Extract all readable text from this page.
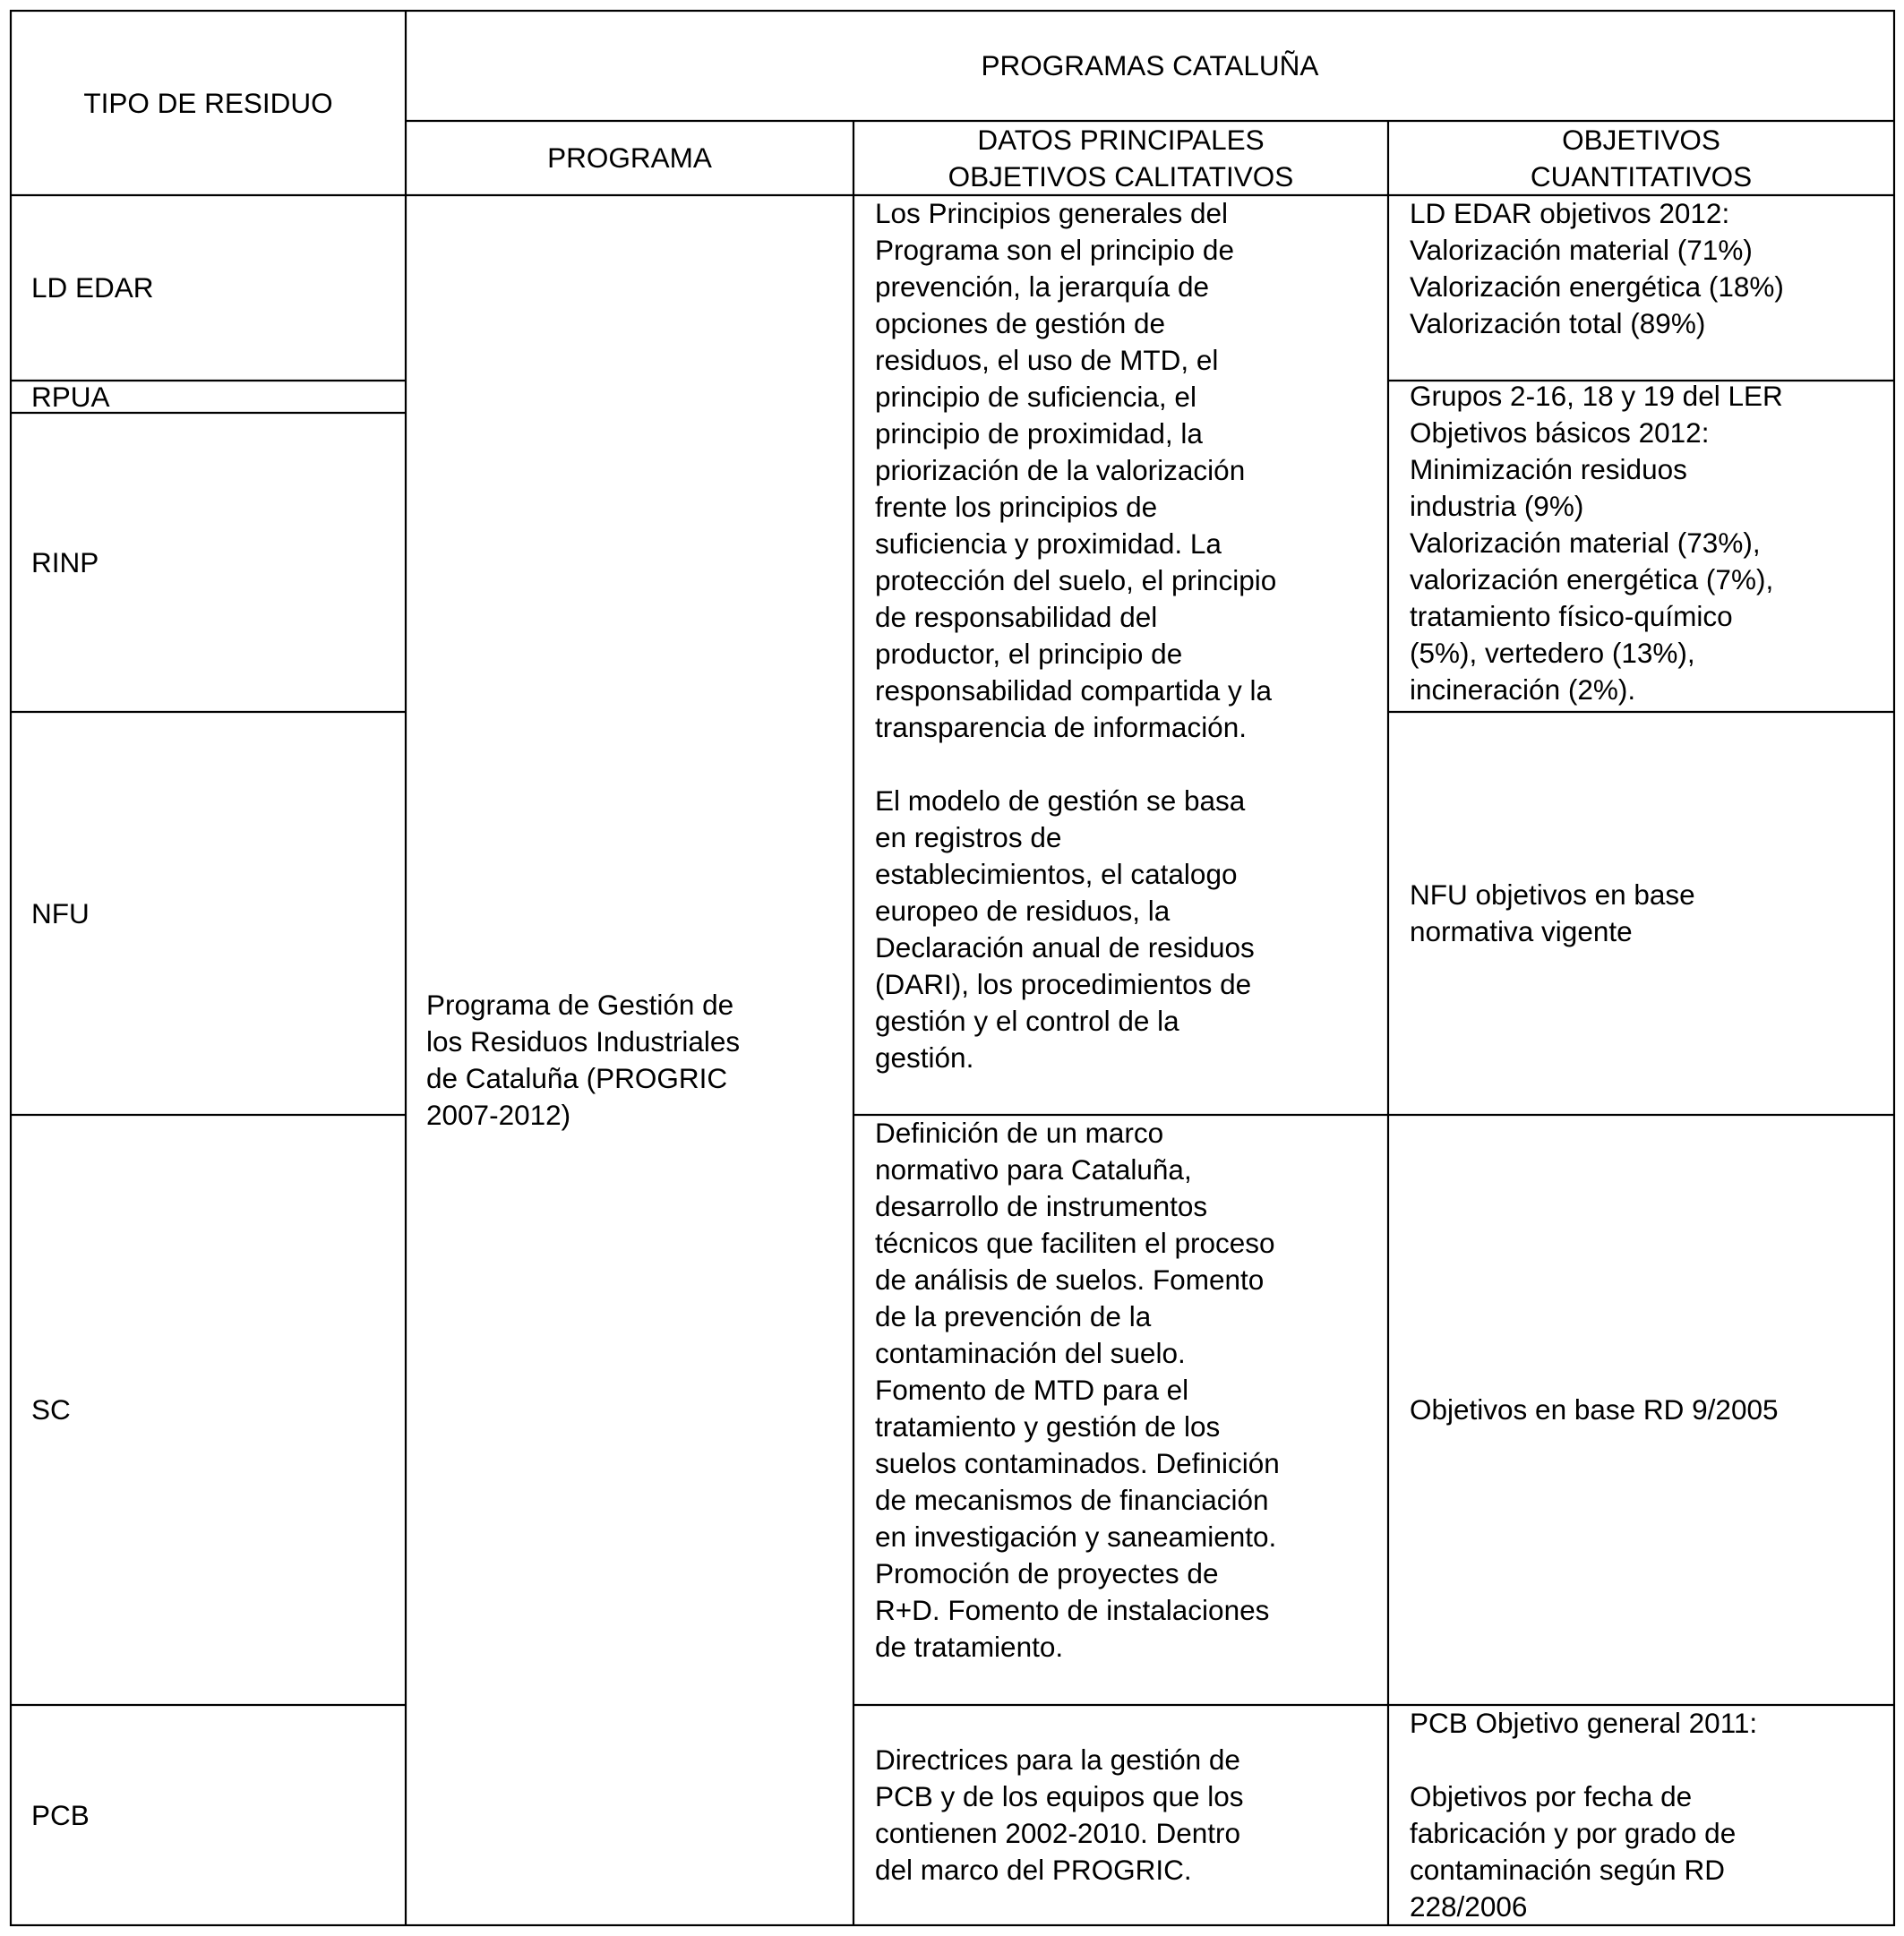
TIPO DE RESIDUO
PROGRAMAS CATALUÑA
PROGRAMA
DATOS PRINCIPALES
OBJETIVOS CALITATIVOS
OBJETIVOS
CUANTITATIVOS
LD EDAR
RPUA
RINP
NFU
SC
PCB
Programa de Gestión de
los Residuos Industriales
de Cataluña (PROGRIC
2007-2012)
Los Principios generales del
Programa son el principio de
prevención, la jerarquía de
opciones de gestión de
residuos, el uso de MTD, el
principio de suficiencia, el
principio de proximidad, la
priorización de la valorización
frente los principios de
suficiencia y proximidad. La
protección del suelo, el principio
de responsabilidad del
productor, el principio de
responsabilidad compartida y la
transparencia de información.
El modelo de gestión se basa
en registros de
establecimientos, el catalogo
europeo de residuos, la
Declaración anual de residuos
(DARI), los procedimientos de
gestión y el control de la
gestión.
Definición de un marco
normativo para Cataluña,
desarrollo de instrumentos
técnicos que faciliten el proceso
de análisis de suelos. Fomento
de la prevención de la
contaminación del suelo.
Fomento de MTD para el
tratamiento y gestión de los
suelos contaminados. Definición
de mecanismos de financiación
en investigación y saneamiento.
Promoción de proyectes de
R+D. Fomento de instalaciones
de tratamiento.
Directrices para la gestión de
PCB y de los equipos que los
contienen 2002-2010. Dentro
del marco del PROGRIC.
LD EDAR objetivos 2012:
Valorización material (71%)
Valorización energética (18%)
Valorización total (89%)
Grupos 2-16, 18 y 19 del LER
Objetivos básicos 2012:
Minimización residuos
industria (9%)
Valorización material (73%),
valorización energética (7%),
tratamiento físico-químico
(5%), vertedero (13%),
incineración (2%).
NFU objetivos en base
normativa vigente
Objetivos en base RD 9/2005
PCB Objetivo general 2011:
Objetivos por fecha de
fabricación y por grado de
contaminación según RD
228/2006
